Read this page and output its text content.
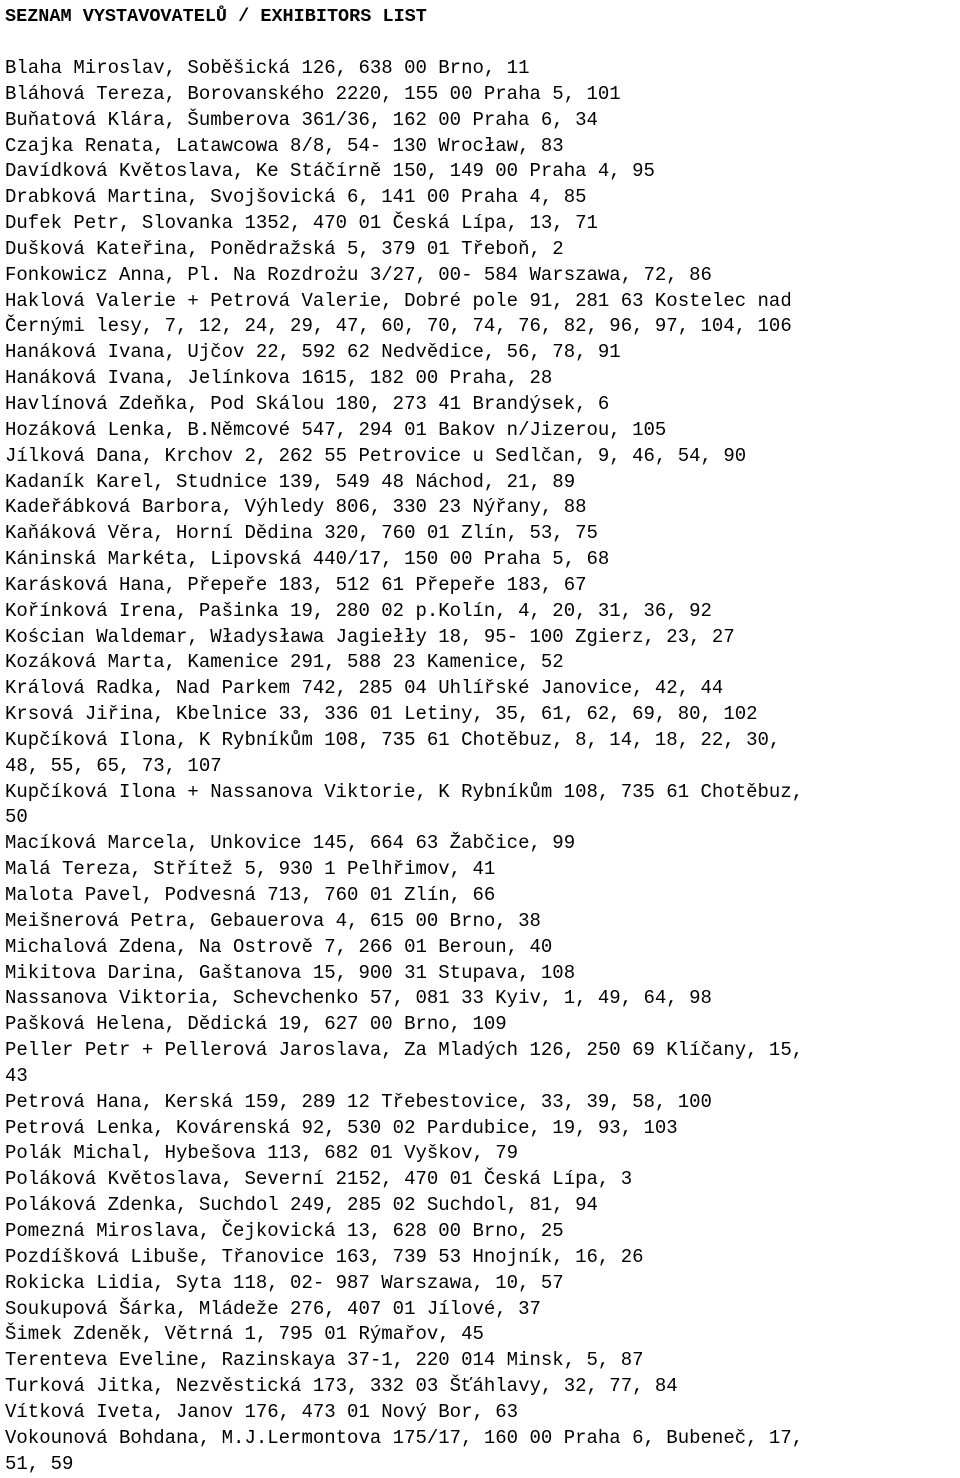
SEZNAM VYSTAVOVATELŮ / EXHIBITORS LIST
Blaha Miroslav, Soběšická 126, 638 00 Brno, 11
Bláhová Tereza, Borovanského 2220, 155 00 Praha 5, 101
Buňatová Klára, Šumberova 361/36, 162 00 Praha 6, 34
Czajka Renata, Latawcowa 8/8, 54- 130 Wrocław, 83
Davídková Květoslava, Ke Stáčírně 150, 149 00 Praha 4, 95
Drabková Martina, Svojšovická 6, 141 00 Praha 4, 85
Dufek Petr, Slovanka 1352, 470 01 Česká Lípa, 13, 71
Dušková Kateřina, Ponědražská 5, 379 01 Třeboň, 2
Fonkowicz Anna, Pl. Na Rozdrożu 3/27, 00- 584 Warszawa, 72, 86
Haklová Valerie + Petrová Valerie, Dobré pole 91, 281 63 Kostelec nad
Černými lesy, 7, 12, 24, 29, 47, 60, 70, 74, 76, 82, 96, 97, 104, 106
Hanáková Ivana, Ujčov 22, 592 62 Nedvědice, 56, 78, 91
Hanáková Ivana, Jelínkova 1615, 182 00 Praha, 28
Havlínová Zdeňka, Pod Skálou 180, 273 41 Brandýsek, 6
Hozáková Lenka, B.Němcové 547, 294 01 Bakov n/Jizerou, 105
Jílková Dana, Krchov 2, 262 55 Petrovice u Sedlčan, 9, 46, 54, 90
Kadaník Karel, Studnice 139, 549 48 Náchod, 21, 89
Kadeřábková Barbora, Výhledy 806, 330 23 Nýřany, 88
Kaňáková Věra, Horní Dědina 320, 760 01 Zlín, 53, 75
Káninská Markéta, Lipovská 440/17, 150 00 Praha 5, 68
Karásková Hana, Přepeře 183, 512 61 Přepeře 183, 67
Kořínková Irena, Pašinka 19, 280 02 p.Kolín, 4, 20, 31, 36, 92
Kościan Waldemar, Władysława Jagiełły 18, 95- 100 Zgierz, 23, 27
Kozáková Marta, Kamenice 291, 588 23 Kamenice, 52
Králová Radka, Nad Parkem 742, 285 04 Uhlířské Janovice, 42, 44
Krsová Jiřina, Kbelnice 33, 336 01 Letiny, 35, 61, 62, 69, 80, 102
Kupčíková Ilona, K Rybníkům 108, 735 61 Chotěbuz, 8, 14, 18, 22, 30,
48, 55, 65, 73, 107
Kupčíková Ilona + Nassanova Viktorie, K Rybníkům 108, 735 61 Chotěbuz,
50
Macíková Marcela, Unkovice 145, 664 63 Žabčice, 99
Malá Tereza, Střítež 5, 930 1 Pelhřimov, 41
Malota Pavel, Podvesná 713, 760 01 Zlín, 66
Meišnerová Petra, Gebauerova 4, 615 00 Brno, 38
Michalová Zdena, Na Ostrově 7, 266 01 Beroun, 40
Mikitova Darina, Gaštanova 15, 900 31 Stupava, 108
Nassanova Viktoria, Schevchenko 57, 081 33 Kyiv, 1, 49, 64, 98
Pašková Helena, Dědická 19, 627 00 Brno, 109
Peller Petr + Pellerová Jaroslava, Za Mladých 126, 250 69 Klíčany, 15,
43
Petrová Hana, Kerská 159, 289 12 Třebestovice, 33, 39, 58, 100
Petrová Lenka, Kovárenská 92, 530 02 Pardubice, 19, 93, 103
Polák Michal, Hybešova 113, 682 01 Vyškov, 79
Poláková Květoslava, Severní 2152, 470 01 Česká Lípa, 3
Poláková Zdenka, Suchdol 249, 285 02 Suchdol, 81, 94
Pomezná Miroslava, Čejkovická 13, 628 00 Brno, 25
Pozdíšková Libuše, Třanovice 163, 739 53 Hnojník, 16, 26
Rokicka Lidia, Syta 118, 02- 987 Warszawa, 10, 57
Soukupová Šárka, Mládeže 276, 407 01 Jílové, 37
Šimek Zdeněk, Větrná 1, 795 01 Rýmařov, 45
Terenteva Eveline, Razinskaya 37-1, 220 014 Minsk, 5, 87
Turková Jitka, Nezvěstická 173, 332 03 Šťáhlavy, 32, 77, 84
Vítková Iveta, Janov 176, 473 01 Nový Bor, 63
Vokounová Bohdana, M.J.Lermontova 175/17, 160 00 Praha 6, Bubeneč, 17,
51, 59
